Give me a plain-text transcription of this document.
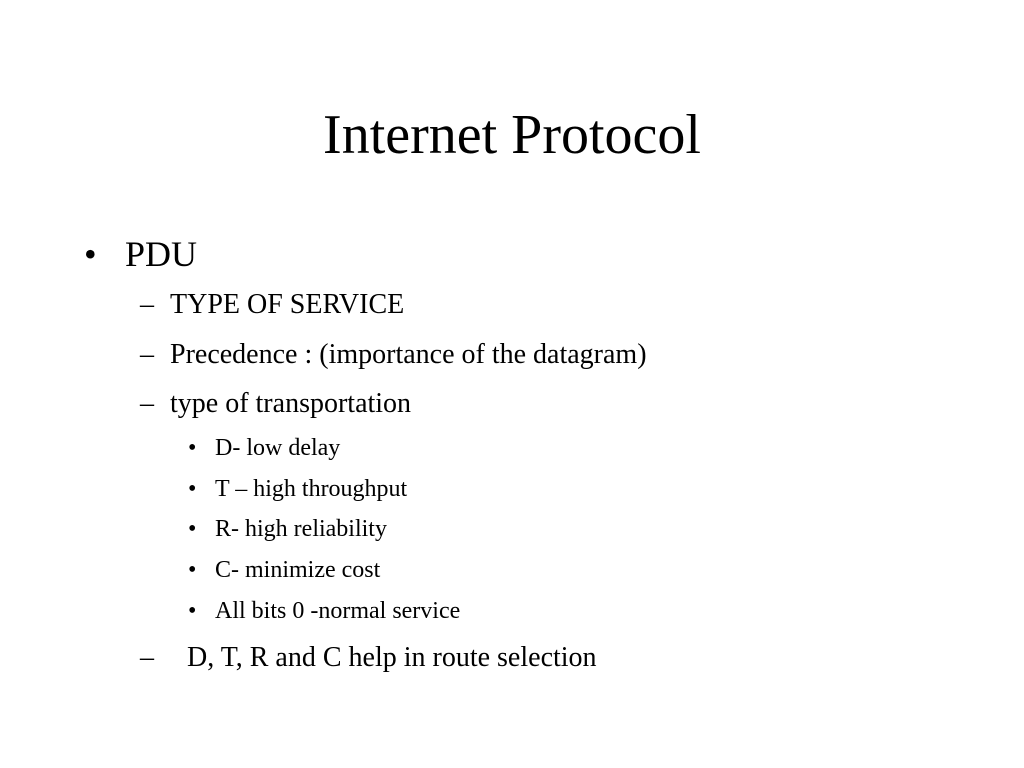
Internet Protocol
• PDU
– TYPE OF SERVICE
– Precedence : (importance of the datagram)
– type of transportation
• D- low delay
• T – high throughput
• R- high reliability
• C- minimize cost
• All bits 0 -normal service
– D, T, R and C help in route selection
